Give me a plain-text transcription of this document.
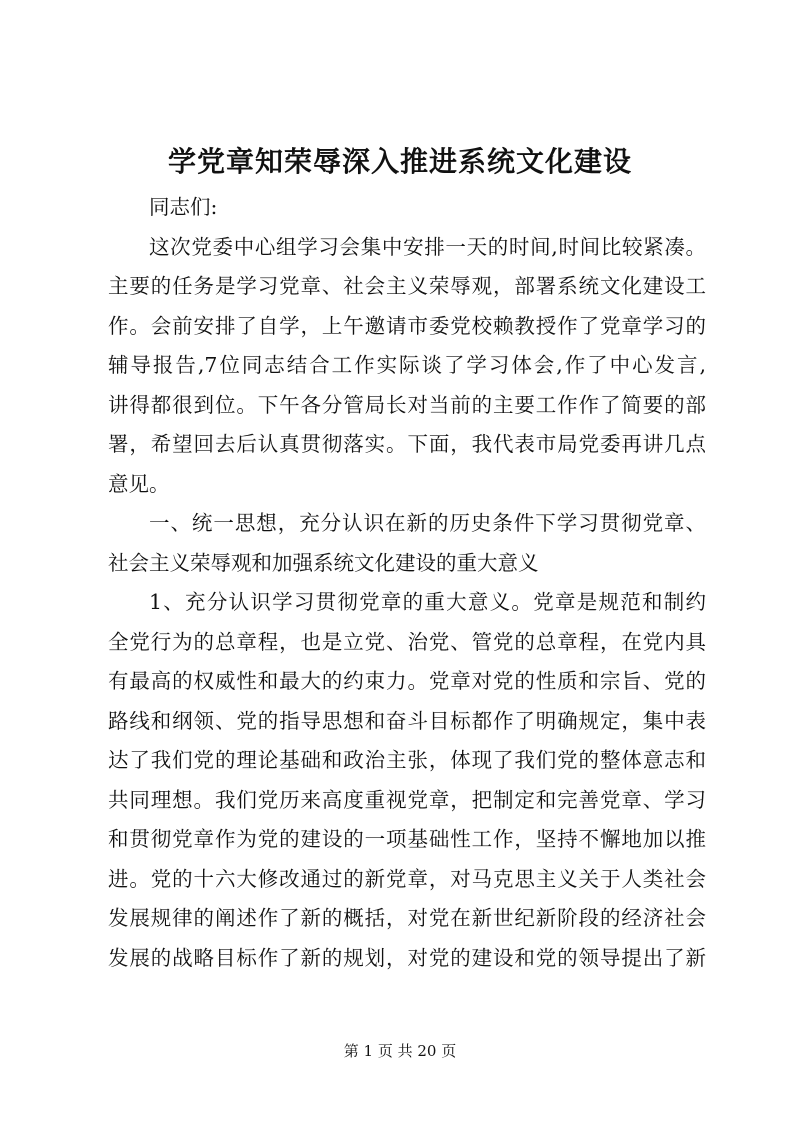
学党章知荣辱深入推进系统文化建设
同志们:
这次党委中心组学习会集中安排一天的时间,时间比较紧凑。
主要的任务是学习党章、社会主义荣辱观，部署系统文化建设工
作。会前安排了自学，上午邀请市委党校赖教授作了党章学习的
辅导报告,7位同志结合工作实际谈了学习体会,作了中心发言,
讲得都很到位。下午各分管局长对当前的主要工作作了简要的部
署，希望回去后认真贯彻落实。下面，我代表市局党委再讲几点
意见。
一、统一思想，充分认识在新的历史条件下学习贯彻党章、
社会主义荣辱观和加强系统文化建设的重大意义
1、充分认识学习贯彻党章的重大意义。党章是规范和制约
全党行为的总章程，也是立党、治党、管党的总章程，在党内具
有最高的权威性和最大的约束力。党章对党的性质和宗旨、党的
路线和纲领、党的指导思想和奋斗目标都作了明确规定，集中表
达了我们党的理论基础和政治主张，体现了我们党的整体意志和
共同理想。我们党历来高度重视党章，把制定和完善党章、学习
和贯彻党章作为党的建设的一项基础性工作，坚持不懈地加以推
进。党的十六大修改通过的新党章，对马克思主义关于人类社会
发展规律的阐述作了新的概括，对党在新世纪新阶段的经济社会
发展的战略目标作了新的规划，对党的建设和党的领导提出了新
第 1 页 共 20 页
